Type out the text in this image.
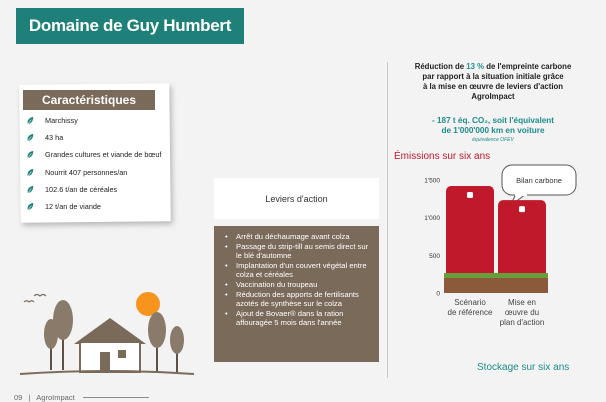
Domaine de Guy Humbert
Caractéristiques
Marchissy
43 ha
Grandes cultures et viande de bœuf
Nourrit 407 personnes/an
102.6 t/an de céréales
12 t/an de viande
Leviers d'action
• Arrêt du déchaumage avant colza
• Passage du strip-till au semis direct sur le blé d'automne
• Implantation d'un couvert végétal entre colza et céréales
• Vaccination du troupeau
• Réduction des apports de fertilisants azotés de synthèse sur le colza
• Ajout de Bovaer® dans la ration affouragée 5 mois dans l'année
Réduction de 13 % de l'empreinte carbone
par rapport à la situation initiale grâce
à la mise en œuvre de leviers d'action
AgroImpact
- 187 t éq. CO₂, soit l'équivalent
de 1'000'000 km en voiture
équivalence OFEV
Émissions sur six ans
Bilan carbone
1'500
1'000
500
0
Scénario de référence
Mise en œuvre du plan d'action
Stockage sur six ans
09 | AgroImpact
